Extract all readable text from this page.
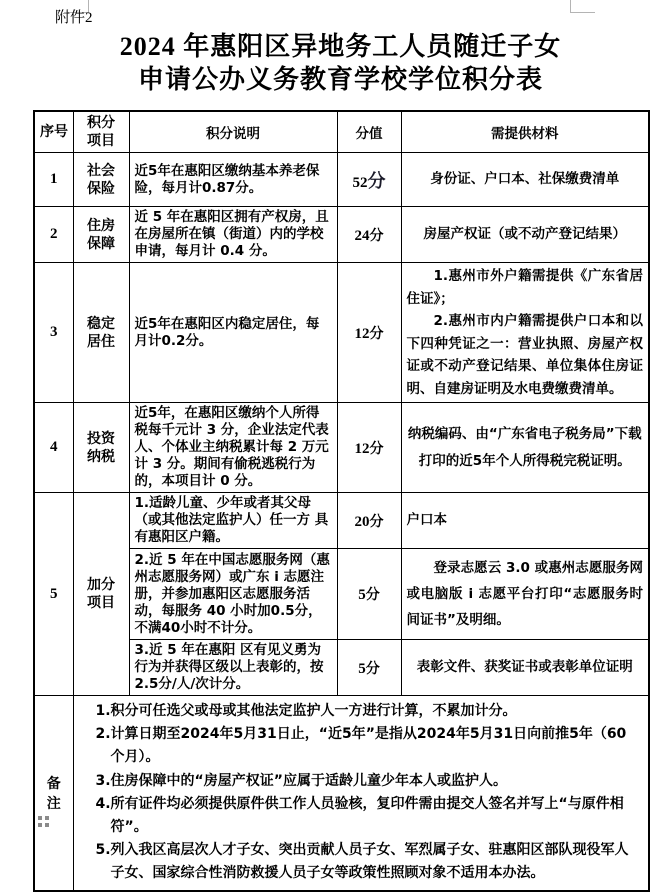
附件2
2024 年惠阳区异地务工人员随迁子女
申请公办义务教育学校学位积分表
序号	积分项目	积分说明	分值	需提供材料
1	社会保险	近5年在惠阳区缴纳基本养老保险，每月计0.87分。	52分	身份证、户口本、社保缴费清单
2	住房保障	近 5 年在惠阳区拥有产权房，且在房屋所在镇（街道）内的学校申请，每月计 0.4 分。	24分	房屋产权证（或不动产登记结果）
3	稳定居住	近5年在惠阳区内稳定居住，每月计0.2分。	12分	1.惠州市外户籍需提供《广东省居住证》；

2.惠州市内户籍需提供户口本和以下四种凭证之一：营业执照、房屋产权证或不动产登记结果、单位集体住房证明、自建房证明及水电费缴费清单。

4	投资纳税	近5年，在惠阳区缴纳个人所得税每千元计 3 分，企业法定代表人、个体业主纳税累计每 2 万元计 3 分。期间有偷税逃税行为的，本项目计 0 分。	12分	纳税编码、由“广东省电子税务局”下载打印的近5年个人所得税完税证明。
5	加分项目	1.适龄儿童、少年或者其父母（或其他法定监护人）任一方 具有惠阳区户籍。	20分	户口本
		2.近 5 年在中国志愿服务网（惠州志愿服务网）或广东 i 志愿注册，并参加惠阳区志愿服务活动，每服务 40 小时加0.5分，不满40小时不计分。	5分	登录志愿云 3.0 或惠州志愿服务网或电脑版 i 志愿平台打印“志愿服务时间证书”及明细。

		3.近 5 年在惠阳 区有见义勇为行为并获得区级以上表彰的，按 2.5分/人/次计分。	5分	表彰文件、获奖证书或表彰单位证明
备注	1.积分可任选父或母或其他法定监护人一方进行计算，不累加计分。

2.计算日期至2024年5月31日止，“近5年”是指从2024年5月31日向前推5年（60个月）。

3.住房保障中的“房屋产权证”应属于适龄儿童少年本人或监护人。

4.所有证件均必须提供原件供工作人员验核，复印件需由提交人签名并写上“与原件相符”。

5.列入我区高层次人才子女、突出贡献人员子女、军烈属子女、驻惠阳区部队现役军人子女、国家综合性消防救援人员子女等政策性照顾对象不适用本办法。			
